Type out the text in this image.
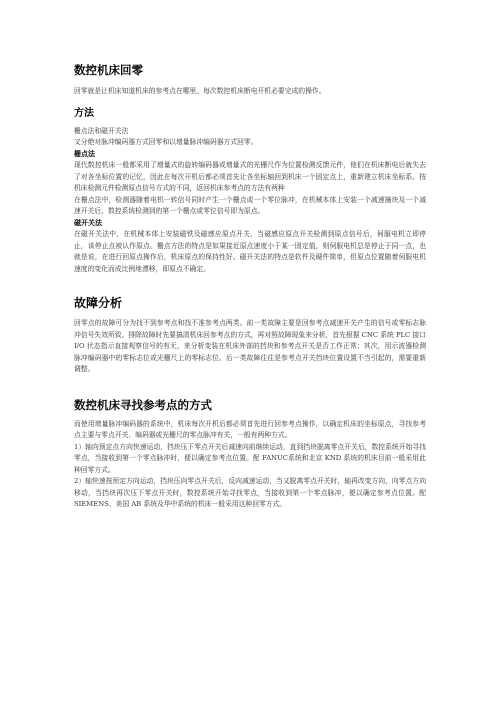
数控机床回零

回零就是让机床知道机床的参考点在哪里。每次数控机床断电开机必要完成的操作。

方法

栅点法和磁开关法

又分绝对脉冲编码器方式回零和以增量脉冲编码器方式回零。

栅点法

现代数控机床一般都采用了增量式的旋转编码器或增量式的光栅尺作为位置检测反馈元件，他们在机床断电后就失去了对各坐标位置的记忆，因此在每次开机后都必须首先让各坐标轴回到机床一个固定点上，重新建立机床坐标系。按机床检测元件检测原点信号方式的不同，返回机床参考点的方法有两种

在栅点法中，检测器随着电机一转信号同时产生一个栅点或一个零位脉冲，在机械本体上安装一个减速撞块及一个减速开关后，数控系统检测到的第一个栅点或零位信号即为原点。

磁开关法

在磁开关法中，在机械本体上安装磁铁及磁感应原点开关，当磁感应原点开关检测到原点信号后，伺服电机立即停止，该停止点被认作原点。栅点方法的特点是如果接近原点速度小于某一固定值，则伺服电机总是停止于同一点，也就是说，在进行回原点操作后，机床原点的保持性好。磁开关法的特点是软件及硬件简单，但原点位置随着伺服电机速度的变化而成比例地漂移，即原点不确定。

故障分析

回零点的故障可分为找不到参考点和找不准参考点两类。前一类故障主要是回参考点减速开关产生的信号或零标志脉冲信号失效所致。排除故障时先要搞清机床回参考点的方式，再对照故障现象来分析，首先根据 CNC 系统 PLC 接口 I/O 状态指示直接观察信号的有无，来分析变装在机床外部的挡块和参考点开关是否工作正常；其次，用示波器检测脉冲编码器中的零标志位或光栅尺上的零标志位。后一类故障往往是参考点开关挡块位置设置不当引起的，需要重新调整。

数控机床寻找参考点的方式

而使用增量脉冲编码器的系统中，机床每次开机后都必须首先进行回参考点操作，以确定机床的坐标原点，寻找参考点主要与零点开关、编码器或光栅尺的零点脉冲有关，一般有两种方式。

1）轴向预定点方向快速运动，挡块压下零点开关后减速向前继续运动，直到挡块脱离零点开关后，数控系统开始寻找零点，当接收到第一个零点脉冲时，便以确定参考点位置。配 FANUC系统和北京 KND 系统的机床目前一般采用此种回零方式。

2）轴快速按预定方向运动，挡块压向零点开关后，反向减速运动，当又脱离零点开关时，轴再改变方向，向零点方向移动，当挡块再次压下零点开关时，数控系统开始寻找零点，当接收到第一个零点脉冲，便以确定参考点位置。配 SIEMENS、美国 AB 系统及华中系统的机床一般采用这种回零方式。
